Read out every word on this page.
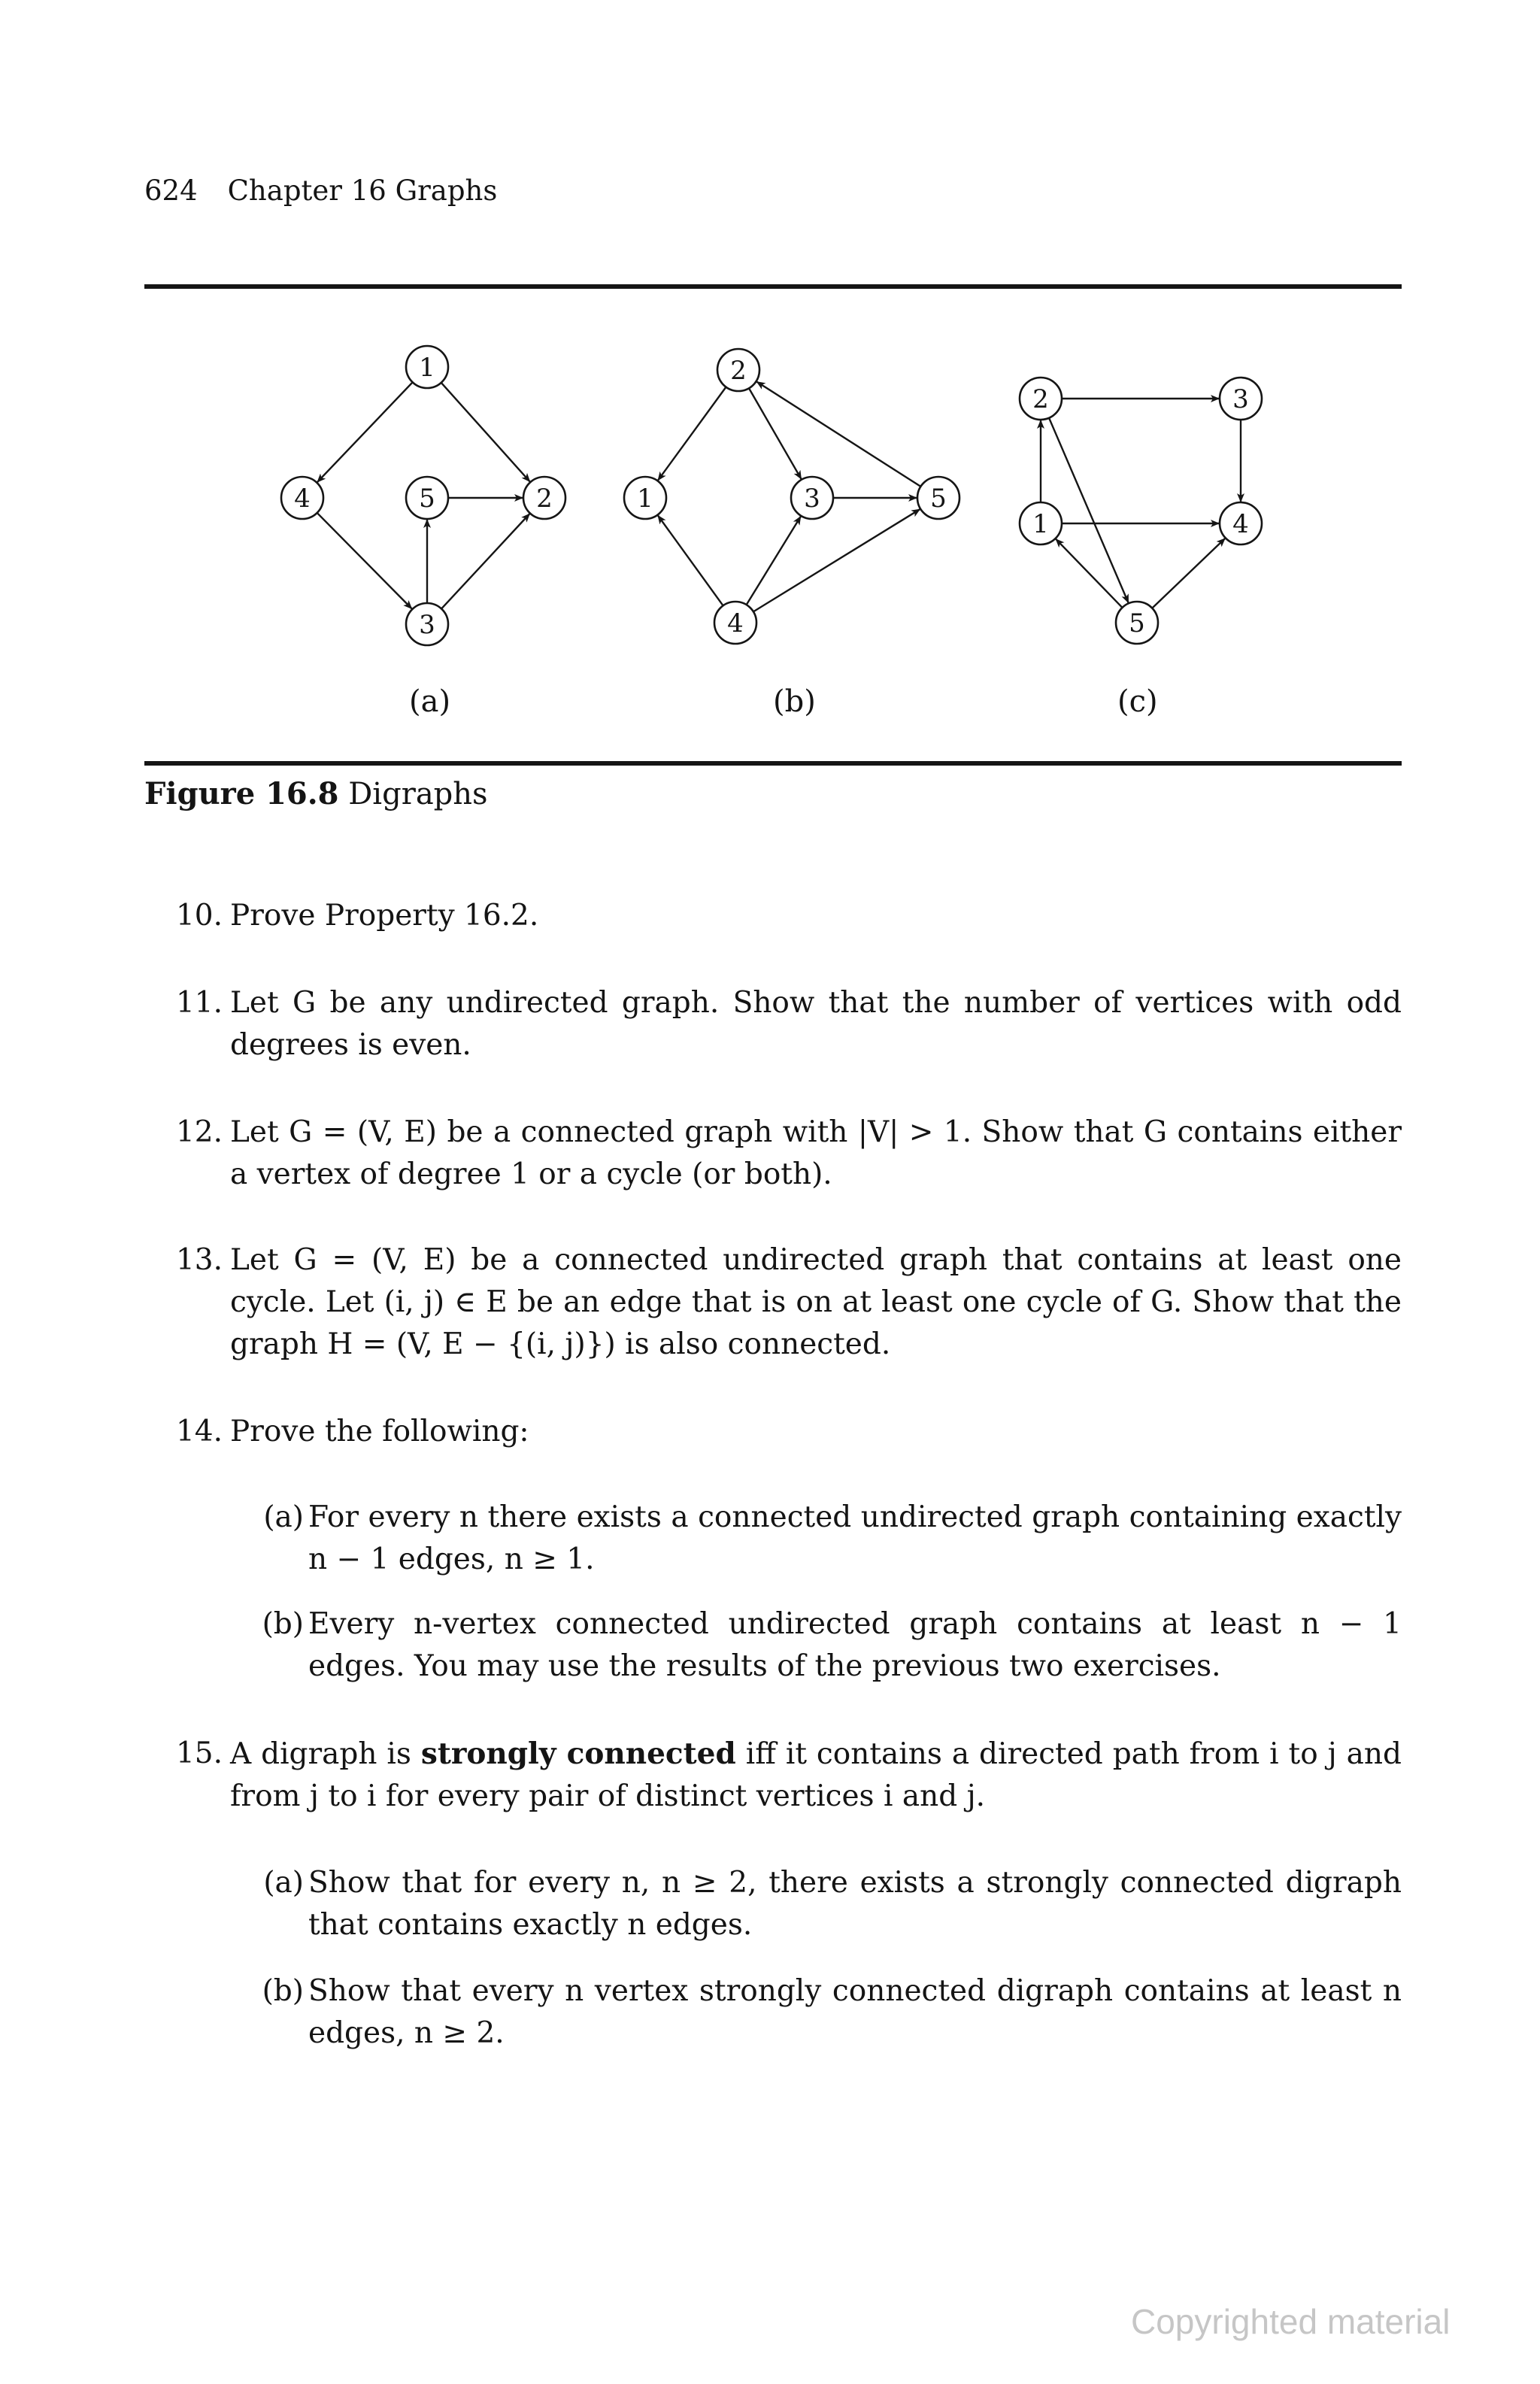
624 Chapter 16 Graphs
1
2
3
4	5	1
2
3
4
5
1
2	3
4
5
(a)	(b)	(c)
Figure 16.8 Digraphs
10. Prove Property 16.2.
11. Let G be any undirected graph. Show that the number of vertices with odd degrees is even.
12. Let G = (V, E) be a connected graph with |V| > 1. Show that G contains either a vertex of degree 1 or a cycle (or both).
13. Let G = (V, E) be a connected undirected graph that contains at least one cycle. Let (i, j) ∈ E be an edge that is on at least one cycle of G. Show that the graph H = (V, E − {(i, j)}) is also connected.
14. Prove the following:
(a) For every n there exists a connected undirected graph containing exactly n − 1 edges, n ≥ 1.
(b) Every n-vertex connected undirected graph contains at least n − 1 edges. You may use the results of the previous two exercises.
15. A digraph is strongly connected iff it contains a directed path from i to j and from j to i for every pair of distinct vertices i and j.
(a) Show that for every n, n ≥ 2, there exists a strongly connected digraph that contains exactly n edges.
(b) Show that every n vertex strongly connected digraph contains at least n edges, n ≥ 2.
Copyrighted material
